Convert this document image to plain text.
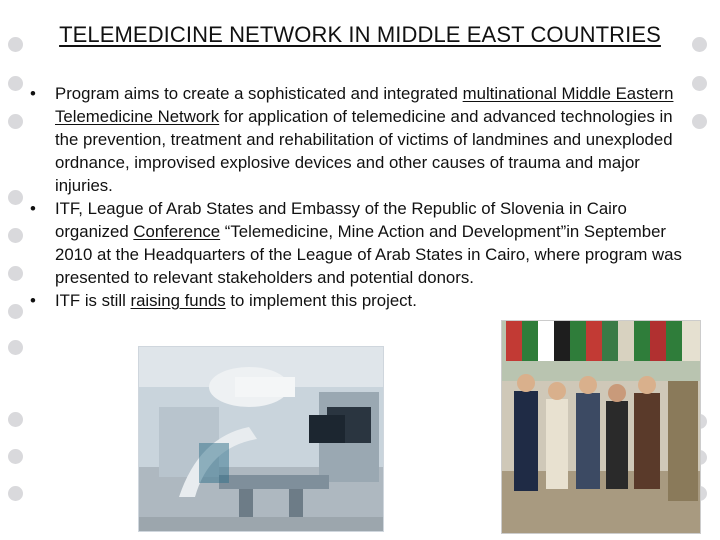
TELEMEDICINE NETWORK IN MIDDLE EAST COUNTRIES
• Program aims to create a sophisticated and integrated multinational Middle Eastern Telemedicine Network for application of telemedicine and advanced technologies in the prevention, treatment and rehabilitation of victims of landmines and unexploded ordnance, improvised explosive devices and other causes of trauma and major injuries.
• ITF, League of Arab States and Embassy of the Republic of Slovenia in Cairo organized Conference “Telemedicine, Mine Action and Development”in September 2010 at the Headquarters of the League of Arab States in Cairo, where program was presented to relevant stakeholders and potential donors.
• ITF is still raising funds to implement this project.
